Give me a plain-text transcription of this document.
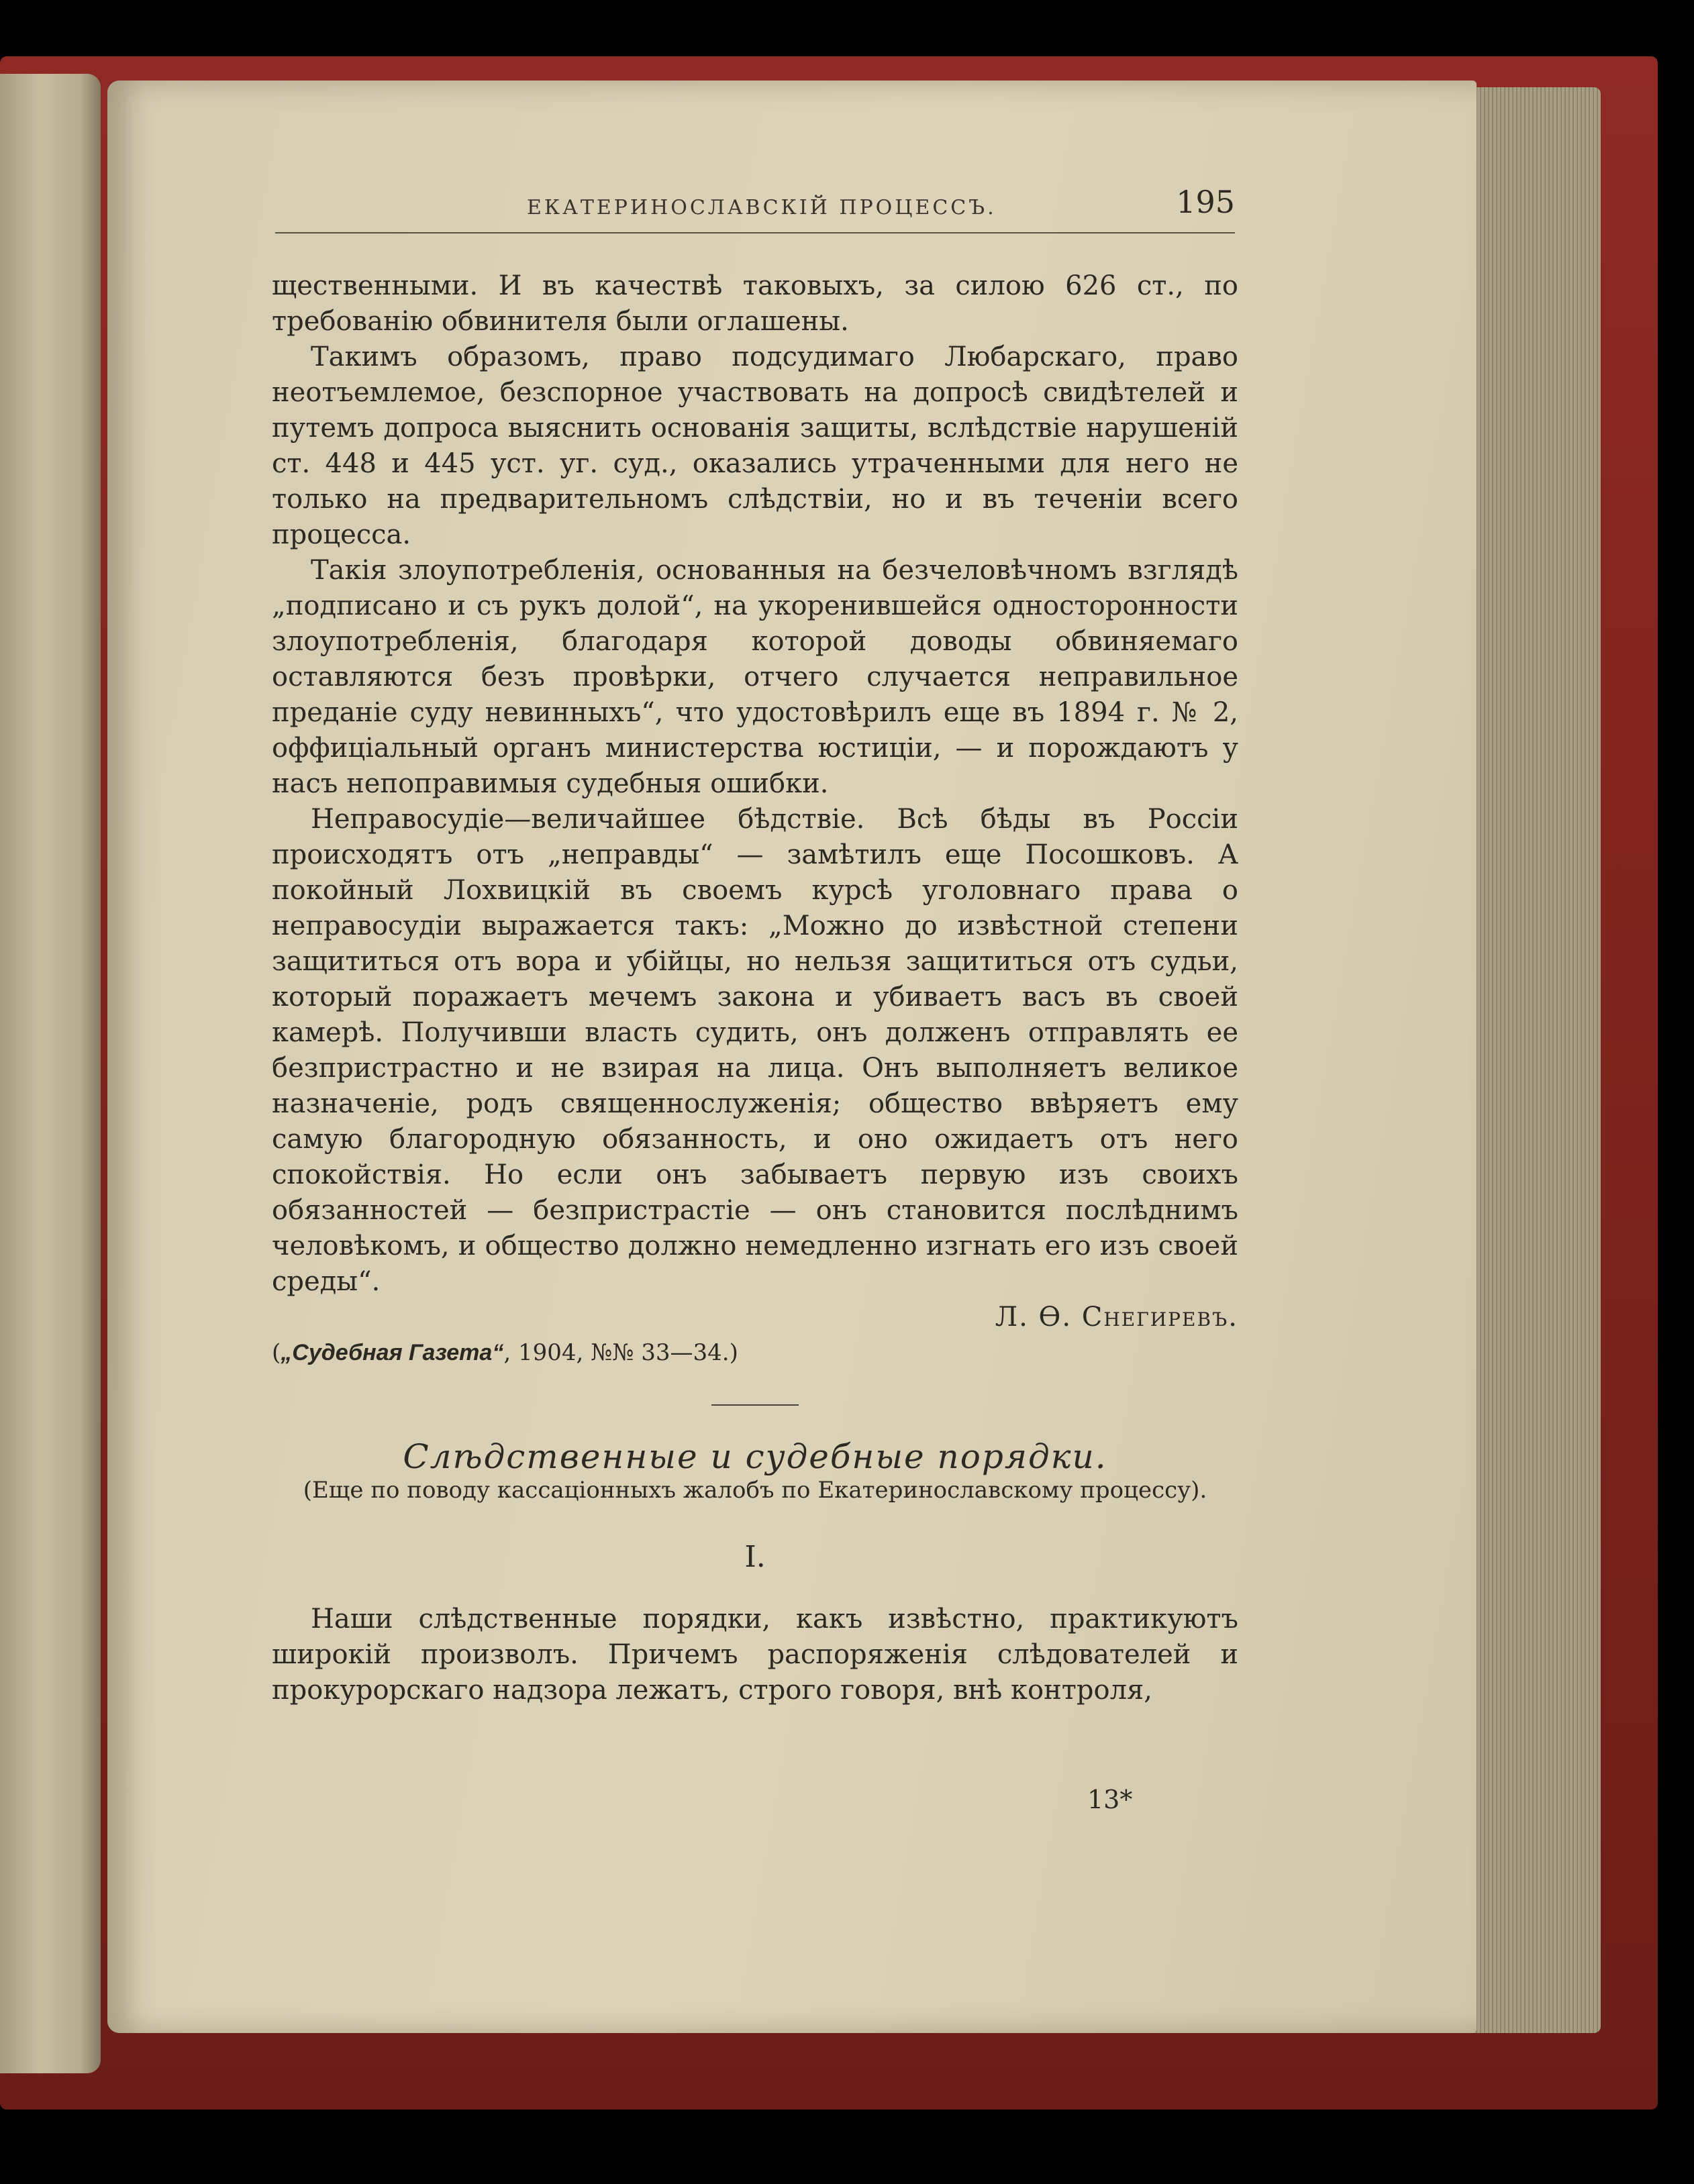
ЕКАТЕРИНОСЛАВСКІЙ ПРОЦЕССЪ.	195

щественными. И въ качествѣ таковыхъ, за силою 626 ст., по требованію обвинителя были оглашены.

Такимъ образомъ, право подсудимаго Любарскаго, право неотъемлемое, безспорное участвовать на допросѣ свидѣтелей и путемъ допроса выяснить основанія защиты, вслѣдствіе нарушеній ст. 448 и 445 уст. уг. суд., оказались утраченными для него не только на предварительномъ слѣдствіи, но и въ теченіи всего процесса.

Такія злоупотребленія, основанныя на безчеловѣчномъ взглядѣ „подписано и съ рукъ долой“, на укоренившейся односторонности злоупотребленія, благодаря которой доводы обвиняемаго оставляются безъ провѣрки, отчего случается неправильное преданіе суду невинныхъ“, что удостовѣрилъ еще въ 1894 г. № 2, оффиціальный органъ министерства юстиціи, — и порождаютъ у насъ непоправимыя судебныя ошибки.

Неправосудіе—величайшее бѣдствіе. Всѣ бѣды въ Россіи происходятъ отъ „неправды“ — замѣтилъ еще Посошковъ. А покойный Лохвицкій въ своемъ курсѣ уголовнаго права о неправосудіи выражается такъ: „Можно до извѣстной степени защититься отъ вора и убійцы, но нельзя защититься отъ судьи, который поражаетъ мечемъ закона и убиваетъ васъ въ своей камерѣ. Получивши власть судить, онъ долженъ отправлять ее безпристрастно и не взирая на лица. Онъ выполняетъ великое назначеніе, родъ священнослуженія; общество ввѣряетъ ему самую благородную обязанность, и оно ожидаетъ отъ него спокойствія. Но если онъ забываетъ первую изъ своихъ обязанностей — безпристрастіе — онъ становится послѣднимъ человѣкомъ, и общество должно немедленно изгнать его изъ своей среды“.

Л. Ѳ. Снегиревъ.

(„Судебная Газета“, 1904, №№ 33—34.)

Слѣдственные и судебные порядки.

(Еще по поводу кассаціонныхъ жалобъ по Екатеринославскому процессу).

I.

Наши слѣдственные порядки, какъ извѣстно, практикуютъ широкій произволъ. Причемъ распоряженія слѣдователей и прокурорскаго надзора лежатъ, строго говоря, внѣ контроля,

13*
